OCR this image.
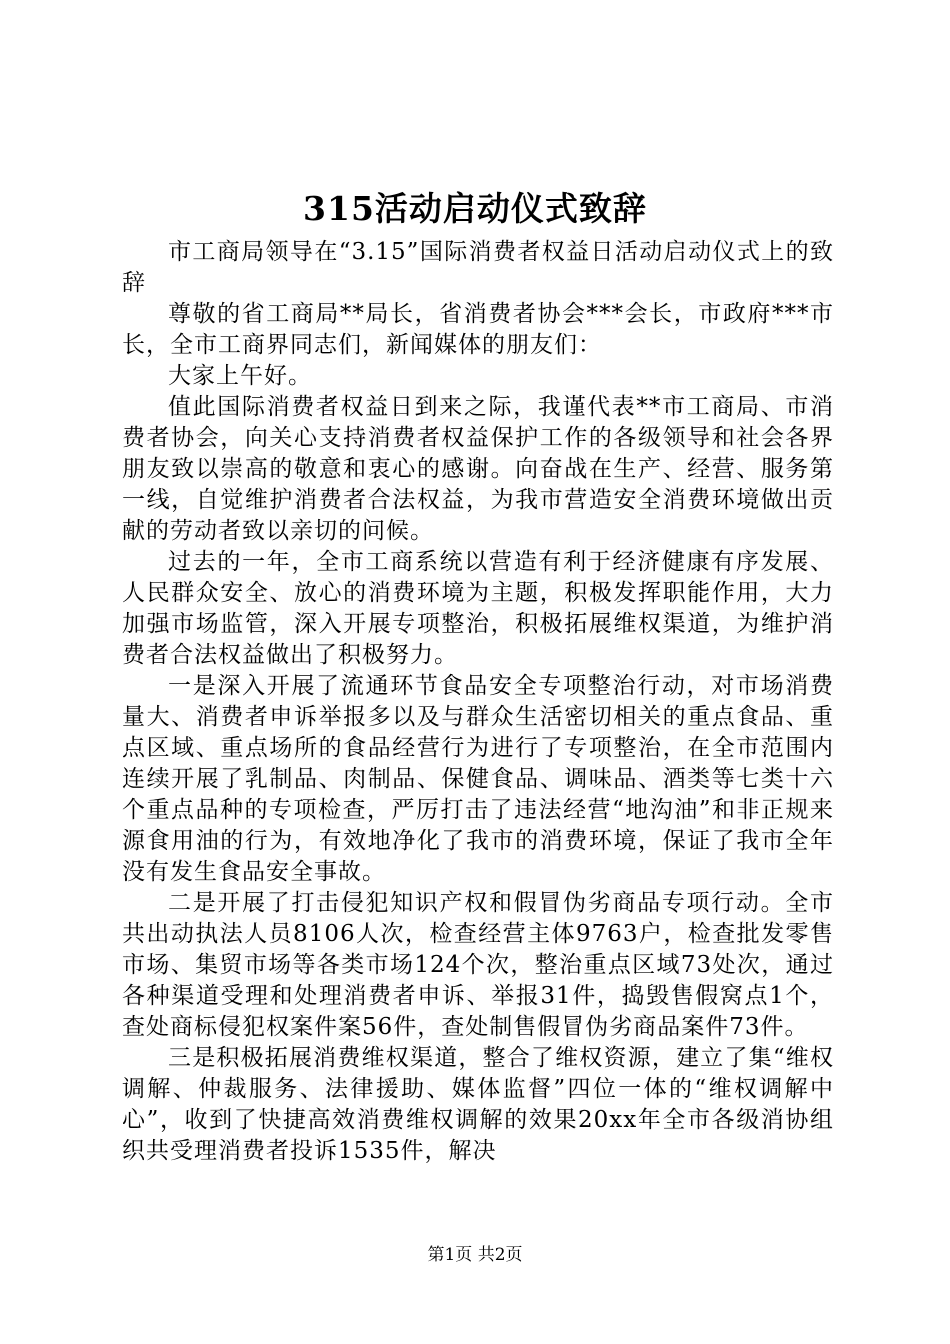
315活动启动仪式致辞

市工商局领导在“3.15”国际消费者权益日活动启动仪式上的致辞

尊敬的省工商局**局长，省消费者协会***会长，市政府***市长，全市工商界同志们，新闻媒体的朋友们：

大家上午好。

值此国际消费者权益日到来之际，我谨代表**市工商局、市消费者协会，向关心支持消费者权益保护工作的各级领导和社会各界朋友致以崇高的敬意和衷心的感谢。向奋战在生产、经营、服务第一线，自觉维护消费者合法权益，为我市营造安全消费环境做出贡献的劳动者致以亲切的问候。

过去的一年，全市工商系统以营造有利于经济健康有序发展、人民群众安全、放心的消费环境为主题，积极发挥职能作用，大力加强市场监管，深入开展专项整治，积极拓展维权渠道，为维护消费者合法权益做出了积极努力。

一是深入开展了流通环节食品安全专项整治行动，对市场消费量大、消费者申诉举报多以及与群众生活密切相关的重点食品、重点区域、重点场所的食品经营行为进行了专项整治，在全市范围内连续开展了乳制品、肉制品、保健食品、调味品、酒类等七类十六个重点品种的专项检查，严厉打击了违法经营“地沟油”和非正规来源食用油的行为，有效地净化了我市的消费环境，保证了我市全年没有发生食品安全事故。

二是开展了打击侵犯知识产权和假冒伪劣商品专项行动。全市共出动执法人员8106人次，检查经营主体9763户，检查批发零售市场、集贸市场等各类市场124个次，整治重点区域73处次，通过各种渠道受理和处理消费者申诉、举报31件，捣毁售假窝点1个，查处商标侵犯权案件案56件，查处制售假冒伪劣商品案件73件。

三是积极拓展消费维权渠道，整合了维权资源，建立了集“维权调解、仲裁服务、法律援助、媒体监督”四位一体的“维权调解中心”，收到了快捷高效消费维权调解的效果20xx年全市各级消协组织共受理消费者投诉1535件，解决

第1页 共2页
